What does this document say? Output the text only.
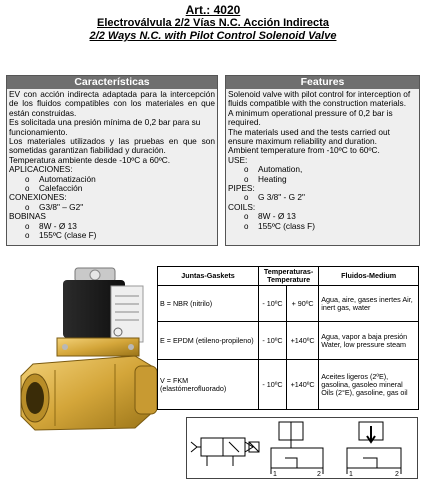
Art.: 4020
Electroválvula 2/2 Vías N.C. Acción Indirecta
2/2 Ways N.C. with Pilot Control Solenoid Valve
Características

EV con acción indirecta adaptada para la intercepción de los fluidos compatibles con los materiales en que están construidas.

Es solicitada una presión mínima de 0,2 bar para su funcionamiento.

Los materiales utilizados y las pruebas en que son sometidas garantizan fiabilidad y duración.

Temperatura ambiente desde -10ºC a 60ºC.

APLICACIONES:

o Automatización
o Calefacción

CONEXIONES:

o G3/8" – G2"

BOBINAS

o 8W - Ø 13
o 155ºC (clase F)
Features

Solenoid valve with pilot control for interception of fluids compatible with the construction materials.

A minimum operational pressure of 0,2 bar is required.

The materials used and the tests carried out ensure maximum reliability and duration.

Ambient temperature from -10ºC to 60ºC.

USE:

o Automation,
o Heating

PIPES:

o G 3/8" - G 2"

COILS:

o 8W - Ø 13
o 155ºC (class F)
Juntas-Gaskets	Temperaturas-Temperature		Fluidos-Medium
B = NBR (nitrilo)	- 10ºC	+ 90ºC	Agua, aire, gases inertes Air, inert gas, water
E = EPDM (etileno-propileno)	- 10ºC	+140ºC	Agua, vapor a baja presión Water, low pressure steam
V = FKM (elastómerofluorado)	- 10ºC	+140ºC	Aceites ligeros (2ºE), gasolina, gasoleo mineral Oils (2°E), gasoline, gas oil
1	2	1	2
